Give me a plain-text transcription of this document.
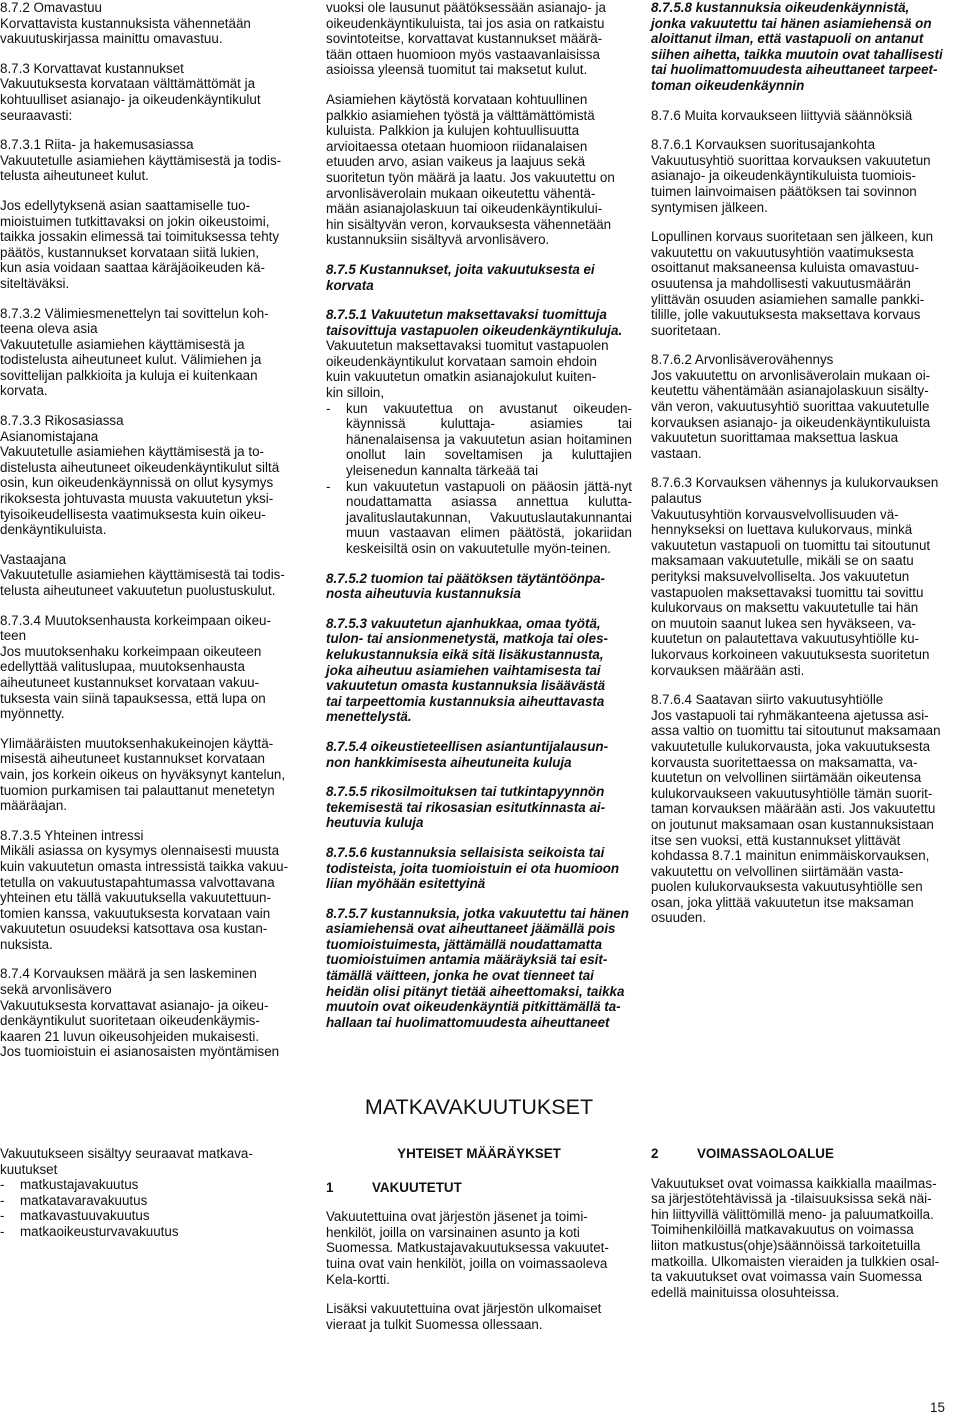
8.7.2 Omavastuu
Korvattavista kustannuksista vähennetään
vakuutuskirjassa mainittu omavastuu.
8.7.3 Korvattavat kustannukset
Vakuutuksesta korvataan välttämättömät ja
kohtuulliset asianajo- ja oikeudenkäyntikulut
seuraavasti:
8.7.3.1 Riita- ja hakemusasiassa
Vakuutetulle asiamiehen käyttämisestä ja todis-
telusta aiheutuneet kulut.
Jos edellytyksenä asian saattamiselle tuo-
mioistuimen tutkittavaksi on jokin oikeustoimi,
taikka jossakin elimessä tai toimituksessa tehty
päätös, kustannukset korvataan siitä lukien,
kun asia voidaan saattaa käräjäoikeuden kä-
siteltäväksi.
8.7.3.2 Välimiesmenettelyn tai sovittelun koh-
teena oleva asia
Vakuutetulle asiamiehen käyttämisestä ja
todistelusta aiheutuneet kulut. Välimiehen ja
sovittelijan palkkioita ja kuluja ei kuitenkaan
korvata.
8.7.3.3 Rikosasiassa
Asianomistajana
Vakuutetulle asiamiehen käyttämisestä ja to-
distelusta aiheutuneet oikeudenkäyntikulut siltä
osin, kun oikeudenkäynnissä on ollut kysymys
rikoksesta johtuvasta muusta vakuutetun yksi-
tyisoikeudellisesta vaatimuksesta kuin oikeu-
denkäyntikuluista.
Vastaajana
Vakuutetulle asiamiehen käyttämisestä tai todis-
telusta aiheutuneet vakuutetun puolustuskulut.
8.7.3.4 Muutoksenhausta korkeimpaan oikeu-
teen
Jos muutoksenhaku korkeimpaan oikeuteen
edellyttää valituslupaa, muutoksenhausta
aiheutuneet kustannukset korvataan vakuu-
tuksesta vain siinä tapauksessa, että lupa on
myönnetty.
Ylimääräisten muutoksenhakukeinojen käyttä-
misestä aiheutuneet kustannukset korvataan
vain, jos korkein oikeus on hyväksynyt kantelun,
tuomion purkamisen tai palauttanut menetetyn
määräajan.
8.7.3.5 Yhteinen intressi
Mikäli asiassa on kysymys olennaisesti muusta
kuin vakuutetun omasta intressistä taikka vakuu-
tetulla on vakuutustapahtumassa valvottavana
yhteinen etu tällä vakuutuksella vakuutettuun-
tomien kanssa, vakuutuksesta korvataan vain
vakuutetun osuudeksi katsottava osa kustan-
nuksista.
8.7.4 Korvauksen määrä ja sen laskeminen
sekä arvonlisävero
Vakuutuksesta korvattavat asianajo- ja oikeu-
denkäyntikulut suoritetaan oikeudenkäymis-
kaaren 21 luvun oikeusohjeiden mukaisesti.
Jos tuomioistuin ei asianosaisten myöntämisen
vuoksi ole lausunut päätöksessään asianajo- ja
oikeudenkäyntikuluista, tai jos asia on ratkaistu
sovintoteitse, korvattavat kustannukset määrä-
tään ottaen huomioon myös vastaavanlaisissa
asioissa yleensä tuomitut tai maksetut kulut.
Asiamiehen käytöstä korvataan kohtuullinen
palkkio asiamiehen työstä ja välttämättömistä
kuluista. Palkkion ja kulujen kohtuullisuutta
arvioitaessa otetaan huomioon riidanalaisen
etuuden arvo, asian vaikeus ja laajuus sekä
suoritetun työn määrä ja laatu. Jos vakuutettu on
arvonlisäverolain mukaan oikeutettu vähentä-
mään asianajolaskuun tai oikeudenkäyntikului-
hin sisältyvän veron, korvauksesta vähennetään
kustannuksiin sisältyvä arvonlisävero.
8.7.5 Kustannukset, joita vakuutuksesta ei
korvata
8.7.5.1 Vakuutetun maksettavaksi tuomittuja taisovittuja vastapuolen oikeudenkäyntikuluja.
Vakuutetun maksettavaksi tuomitut vastapuolen
oikeudenkäyntikulut korvataan samoin ehdoin
kuin vakuutetun omatkin asianajokulut kuiten-
kin silloin,
-	kun vakuutettua on avustanut oikeuden-käynnissä kuluttaja- asiamies tai hänenalaisensa ja vakuutetun asian hoitaminen onollut lain soveltamisen ja kuluttajien yleisenedun kannalta tärkeää tai
-	kun vakuutetun vastapuoli on pääosin jättä-nyt noudattamatta asiassa annettua kulutta-javalituslautakunnan, Vakuutuslautakunnantai muun vastaavan elimen päätöstä, jokariidan keskeisiltä osin on vakuutetulle myön-teinen.
8.7.5.2 tuomion tai päätöksen täytäntöönpa-
nosta aiheutuvia kustannuksia
8.7.5.3 vakuutetun ajanhukkaa, omaa työtä,
tulon- tai ansionmenetystä, matkoja tai oles-
kelukustannuksia eikä sitä lisäkustannusta,
joka aiheutuu asiamiehen vaihtamisesta tai
vakuutetun omasta kustannuksia lisäävästä
tai tarpeettomia kustannuksia aiheuttavasta
menettelystä.
8.7.5.4 oikeustieteellisen asiantuntijalausun-
non hankkimisesta aiheutuneita kuluja
8.7.5.5 rikosilmoituksen tai tutkintapyynnön
tekemisestä tai rikosasian esitutkinnasta ai-
heutuvia kuluja
8.7.5.6 kustannuksia sellaisista seikoista tai
todisteista, joita tuomioistuin ei ota huomioon
liian myöhään esitettyinä
8.7.5.7 kustannuksia, jotka vakuutettu tai hänen
asiamiehensä ovat aiheuttaneet jäämällä pois
tuomioistuimesta, jättämällä noudattamatta
tuomioistuimen antamia määräyksiä tai esit-
tämällä väitteen, jonka he ovat tienneet tai
heidän olisi pitänyt tietää aiheettomaksi, taikka
muutoin ovat oikeudenkäyntiä pitkittämällä ta-
hallaan tai huolimattomuudesta aiheuttaneet
8.7.5.8 kustannuksia oikeudenkäynnistä,
jonka vakuutettu tai hänen asiamiehensä on
aloittanut ilman, että vastapuoli on antanut
siihen aihetta, taikka muutoin ovat tahallisesti
tai huolimattomuudesta aiheuttaneet tarpeet-
toman oikeudenkäynnin
8.7.6 Muita korvaukseen liittyviä säännöksiä
8.7.6.1 Korvauksen suoritusajankohta
Vakuutusyhtiö suorittaa korvauksen vakuutetun
asianajo- ja oikeudenkäyntikuluista tuomiois-
tuimen lainvoimaisen päätöksen tai sovinnon
syntymisen jälkeen.
Lopullinen korvaus suoritetaan sen jälkeen, kun
vakuutettu on vakuutusyhtiön vaatimuksesta
osoittanut maksaneensa kuluista omavastuu-
osuutensa ja mahdollisesti vakuutusmäärän
ylittävän osuuden asiamiehen samalle pankki-
tilille, jolle vakuutuksesta maksettava korvaus
suoritetaan.
8.7.6.2 Arvonlisäverovähennys
Jos vakuutettu on arvonlisäverolain mukaan oi-
keutettu vähentämään asianajolaskuun sisälty-
vän veron, vakuutusyhtiö suorittaa vakuutetulle
korvauksen asianajo- ja oikeudenkäyntikuluista
vakuutetun suorittamaa maksettua laskua
vastaan.
8.7.6.3 Korvauksen vähennys ja kulukorvauksen
palautus
Vakuutusyhtiön korvausvelvollisuuden vä-
hennykseksi on luettava kulukorvaus, minkä
vakuutetun vastapuoli on tuomittu tai sitoutunut
maksamaan vakuutetulle, mikäli se on saatu
perityksi maksuvelvolliselta. Jos vakuutetun
vastapuolen maksettavaksi tuomittu tai sovittu
kulukorvaus on maksettu vakuutetulle tai hän
on muutoin saanut lukea sen hyväkseen, va-
kuutetun on palautettava vakuutusyhtiölle ku-
lukorvaus korkoineen vakuutuksesta suoritetun
korvauksen määrään asti.
8.7.6.4 Saatavan siirto vakuutusyhtiölle
Jos vastapuoli tai ryhmäkanteena ajetussa asi-
assa valtio on tuomittu tai sitoutunut maksamaan
vakuutetulle kulukorvausta, joka vakuutuksesta
korvausta suoritettaessa on maksamatta, va-
kuutetun on velvollinen siirtämään oikeutensa
kulukorvaukseen vakuutusyhtiölle tämän suorit-
taman korvauksen määrään asti. Jos vakuutettu
on joutunut maksamaan osan kustannuksistaan
itse sen vuoksi, että kustannukset ylittävät
kohdassa 8.7.1 mainitun enimmäiskorvauksen,
vakuutettu on velvollinen siirtämään vasta-
puolen kulukorvauksesta vakuutusyhtiölle sen
osan, joka ylittää vakuutetun itse maksaman
osuuden.
MATKAVAKUUTUKSET
Vakuutukseen sisältyy seuraavat matkava-kuutukset
-	matkustajavakuutus
-	matkatavaravakuutus
-	matkavastuuvakuutus
-	matkaoikeusturvavakuutus
YHTEISET MÄÄRÄYKSET
1	VAKUUTETUT
Vakuutettuina ovat järjestön jäsenet ja toimi-
henkilöt, joilla on varsinainen asunto ja koti
Suomessa. Matkustajavakuutuksessa vakuutet-
tuina ovat vain henkilöt, joilla on voimassaoleva
Kela-kortti.
Lisäksi vakuutettuina ovat järjestön ulkomaiset
vieraat ja tulkit Suomessa ollessaan.
2	VOIMASSAOLOALUE
Vakuutukset ovat voimassa kaikkialla maailmas-
sa järjestötehtävissä ja -tilaisuuksissa sekä näi-
hin liittyvillä välittömillä meno- ja paluumatkoilla.
Toimihenkilöillä matkavakuutus on voimassa
liiton matkustus(ohje)säännöissä tarkoitetuilla
matkoilla. Ulkomaisten vieraiden ja tulkkien osal-
ta vakuutukset ovat voimassa vain Suomessa
edellä mainituissa olosuhteissa.
15
